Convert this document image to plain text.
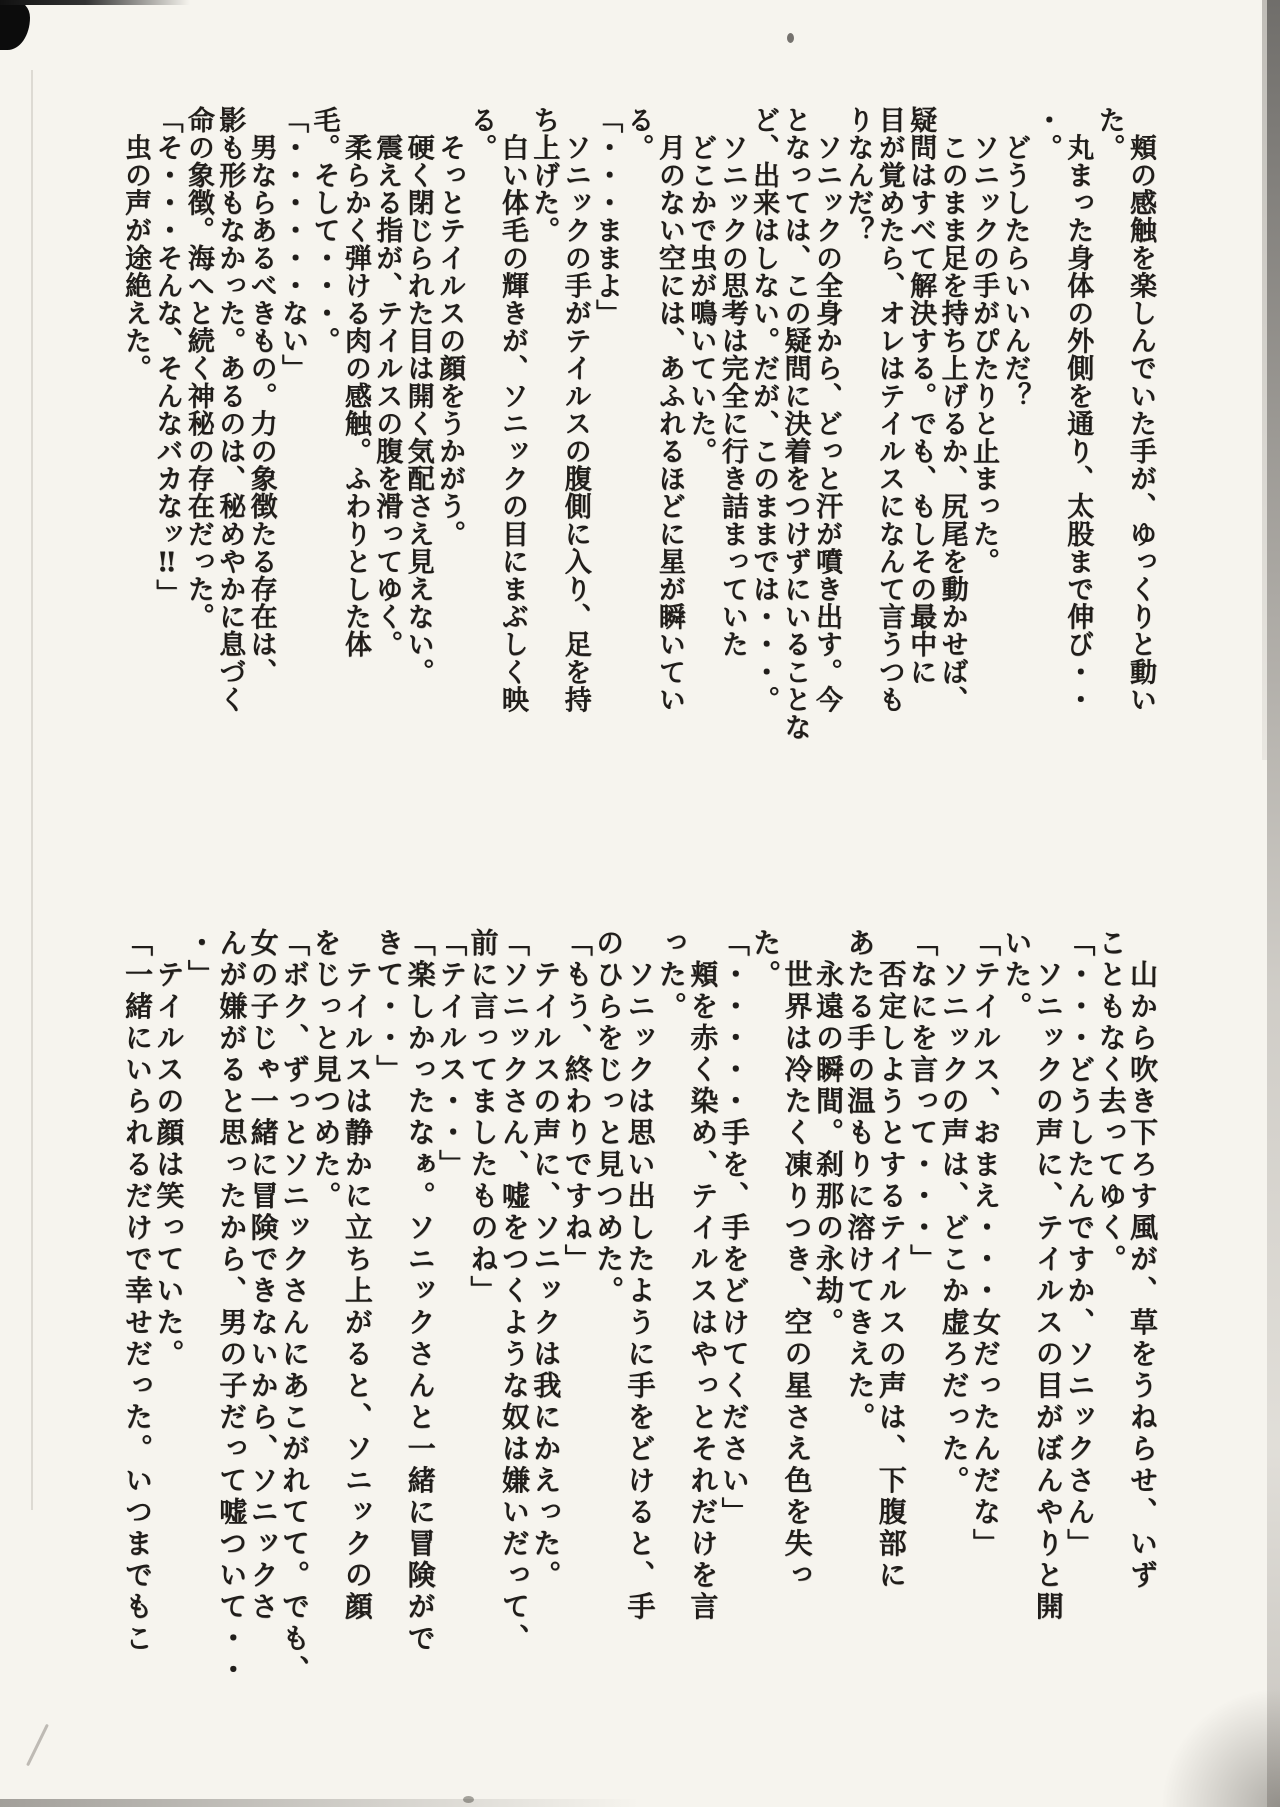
　頬の感触を楽しんでいた手が、ゆっくりと動い
た。
　丸まった身体の外側を通り、太股まで伸び・・
・。
　どうしたらいいんだ？
　ソニックの手がぴたりと止まった。
　このまま足を持ち上げるか、尻尾を動かせば、
疑問はすべて解決する。でも、もしその最中に
目が覚めたら、オレはテイルスになんて言うつも
りなんだ？
　ソニックの全身から、どっと汗が噴き出す。今
となっては、この疑問に決着をつけずにいることな
ど、出来はしない。だが、このままでは・・・。
　ソニックの思考は完全に行き詰まっていた
　どこかで虫が鳴いていた。
　月のない空には、あふれるほどに星が瞬いてい
る。
「・・・ままよ」
　ソニックの手がテイルスの腹側に入り、足を持
ち上げた。
　白い体毛の輝きが、ソニックの目にまぶしく映
る。
　そっとテイルスの顔をうかがう。
　硬く閉じられた目は開く気配さえ見えない。
　震える指が、テイルスの腹を滑ってゆく。
　柔らかく弾ける肉の感触。ふわりとした体
毛。そして・・・。
「・・・・・・ない」
　男ならあるべきもの。力の象徴たる存在は、
影も形もなかった。あるのは、秘めやかに息づく
命の象徴。海へと続く神秘の存在だった。
「そ・・・そんな、そんなバカなッ‼」
　虫の声が途絶えた。
　山から吹き下ろす風が、草をうねらせ、いず
こともなく去ってゆく。
「・・・どうしたんですか、ソニックさん」
　ソニックの声に、テイルスの目がぼんやりと開
いた。
「テイルス、おまえ・・・女だったんだな」
　ソニックの声は、どこか虚ろだった。
「なにを言って・・・」
　否定しようとするテイルスの声は、下腹部に
あたる手の温もりに溶けてきえた。
　永遠の瞬間。刹那の永劫。
　世界は冷たく凍りつき、空の星さえ色を失っ
た。
「・・・・・手を、手をどけてください」
　頬を赤く染め、テイルスはやっとそれだけを言
った。
　ソニックは思い出したように手をどけると、手
のひらをじっと見つめた。
「もう、終わりですね」
　テイルスの声に、ソニックは我にかえった。
「ソニックさん、嘘をつくような奴は嫌いだって、
前に言ってましたものね」
「テイルス・・」
「楽しかったなぁ。ソニックさんと一緒に冒険がで
きて・・」
　テイルスは静かに立ち上がると、ソニックの顔
をじっと見つめた。
「ボク、ずっとソニックさんにあこがれてて。でも、
女の子じゃ一緒に冒険できないから、ソニックさ
んが嫌がると思ったから、男の子だって嘘ついて・・
・」
　テイルスの顔は笑っていた。
「一緒にいられるだけで幸せだった。いつまでもこ
